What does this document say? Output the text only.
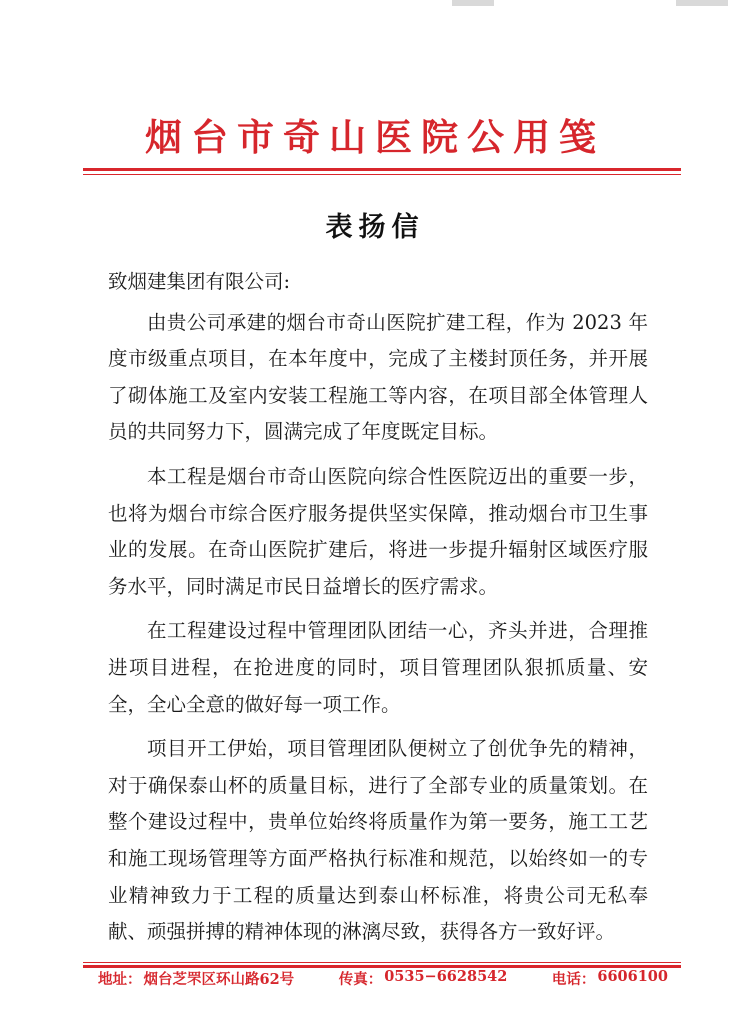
烟台市奇山医院公用笺
表扬信

致烟建集团有限公司:

由贵公司承建的烟台市奇山医院扩建工程，作为 2023 年度市级重点项目，在本年度中，完成了主楼封顶任务，并开展了砌体施工及室内安装工程施工等内容，在项目部全体管理人员的共同努力下，圆满完成了年度既定目标。

本工程是烟台市奇山医院向综合性医院迈出的重要一步，也将为烟台市综合医疗服务提供坚实保障，推动烟台市卫生事业的发展。在奇山医院扩建后，将进一步提升辐射区域医疗服务水平，同时满足市民日益增长的医疗需求。

在工程建设过程中管理团队团结一心，齐头并进，合理推进项目进程，在抢进度的同时，项目管理团队狠抓质量、安全，全心全意的做好每一项工作。

项目开工伊始，项目管理团队便树立了创优争先的精神，对于确保泰山杯的质量目标，进行了全部专业的质量策划。在整个建设过程中，贵单位始终将质量作为第一要务，施工工艺和施工现场管理等方面严格执行标准和规范，以始终如一的专业精神致力于工程的质量达到泰山杯标准，将贵公司无私奉献、顽强拼搏的精神体现的淋漓尽致，获得各方一致好评。

地址： 烟台芝罘区环山路62号	传真： 0535−6628542	电话： 6606100
